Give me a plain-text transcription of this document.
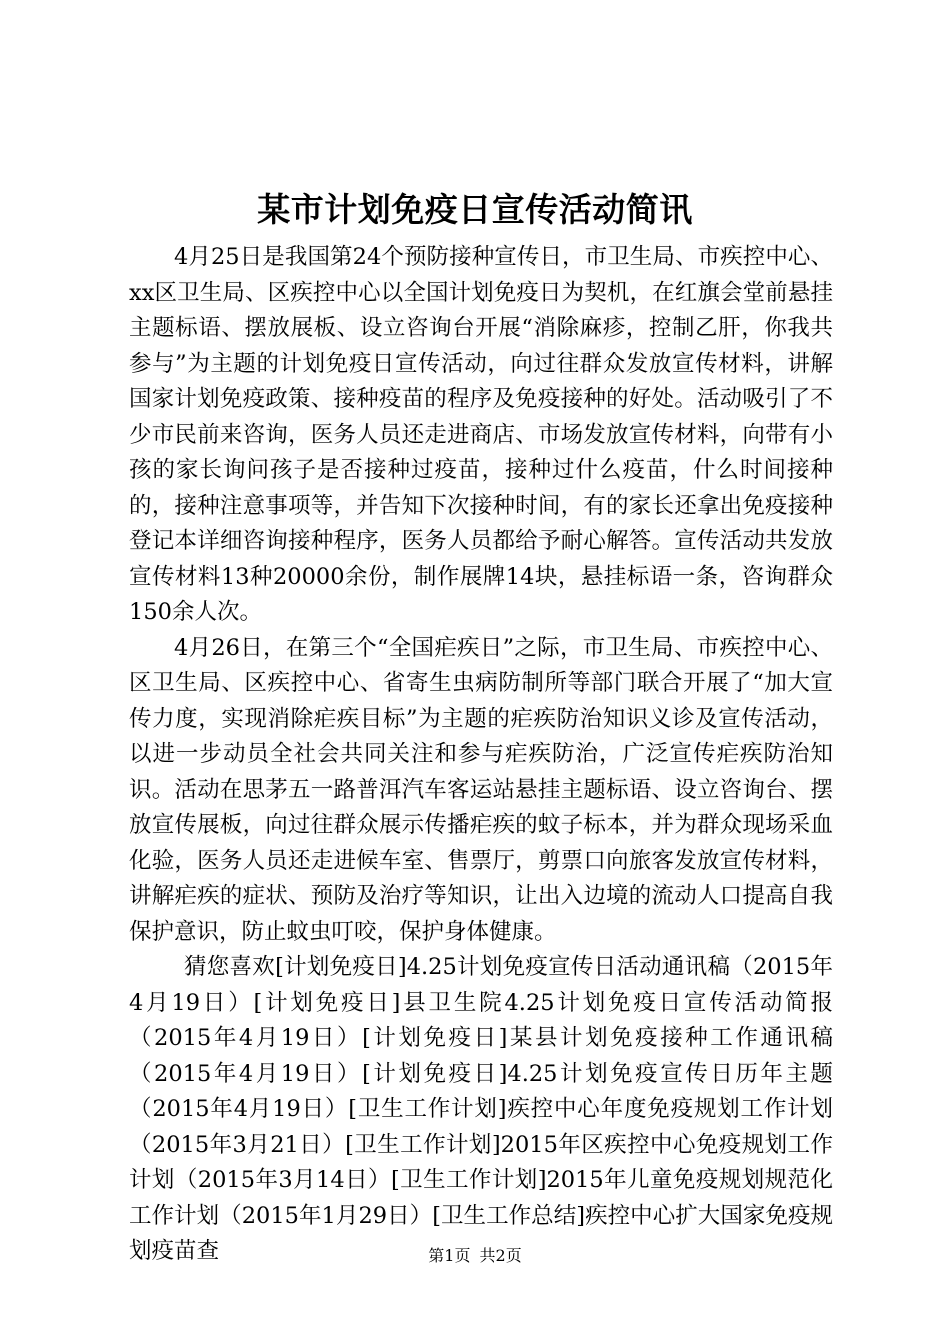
某市计划免疫日宣传活动简讯

4月25日是我国第24个预防接种宣传日，市卫生局、市疾控中心、xx区卫生局、区疾控中心以全国计划免疫日为契机，在红旗会堂前悬挂主题标语、摆放展板、设立咨询台开展“消除麻疹，控制乙肝，你我共参与”为主题的计划免疫日宣传活动，向过往群众发放宣传材料，讲解国家计划免疫政策、接种疫苗的程序及免疫接种的好处。活动吸引了不少市民前来咨询，医务人员还走进商店、市场发放宣传材料，向带有小孩的家长询问孩子是否接种过疫苗，接种过什么疫苗，什么时间接种的，接种注意事项等，并告知下次接种时间，有的家长还拿出免疫接种登记本详细咨询接种程序，医务人员都给予耐心解答。宣传活动共发放宣传材料13种20000余份，制作展牌14块，悬挂标语一条，咨询群众150余人次。

4月26日，在第三个“全国疟疾日”之际，市卫生局、市疾控中心、区卫生局、区疾控中心、省寄生虫病防制所等部门联合开展了“加大宣传力度，实现消除疟疾目标”为主题的疟疾防治知识义诊及宣传活动，以进一步动员全社会共同关注和参与疟疾防治，广泛宣传疟疾防治知识。活动在思茅五一路普洱汽车客运站悬挂主题标语、设立咨询台、摆放宣传展板，向过往群众展示传播疟疾的蚊子标本，并为群众现场采血化验，医务人员还走进候车室、售票厅，剪票口向旅客发放宣传材料，讲解疟疾的症状、预防及治疗等知识，让出入边境的流动人口提高自我保护意识，防止蚊虫叮咬，保护身体健康。

猜您喜欢[计划免疫日]4.25计划免疫宣传日活动通讯稿（2015年4月19日）[计划免疫日]县卫生院4.25计划免疫日宣传活动简报（2015年4月19日）[计划免疫日]某县计划免疫接种工作通讯稿（2015年4月19日）[计划免疫日]4.25计划免疫宣传日历年主题（2015年4月19日）[卫生工作计划]疾控中心年度免疫规划工作计划（2015年3月21日）[卫生工作计划]2015年区疾控中心免疫规划工作计划（2015年3月14日）[卫生工作计划]2015年儿童免疫规划规范化工作计划（2015年1月29日）[卫生工作总结]疾控中心扩大国家免疫规划疫苗查	第1页 共2页
